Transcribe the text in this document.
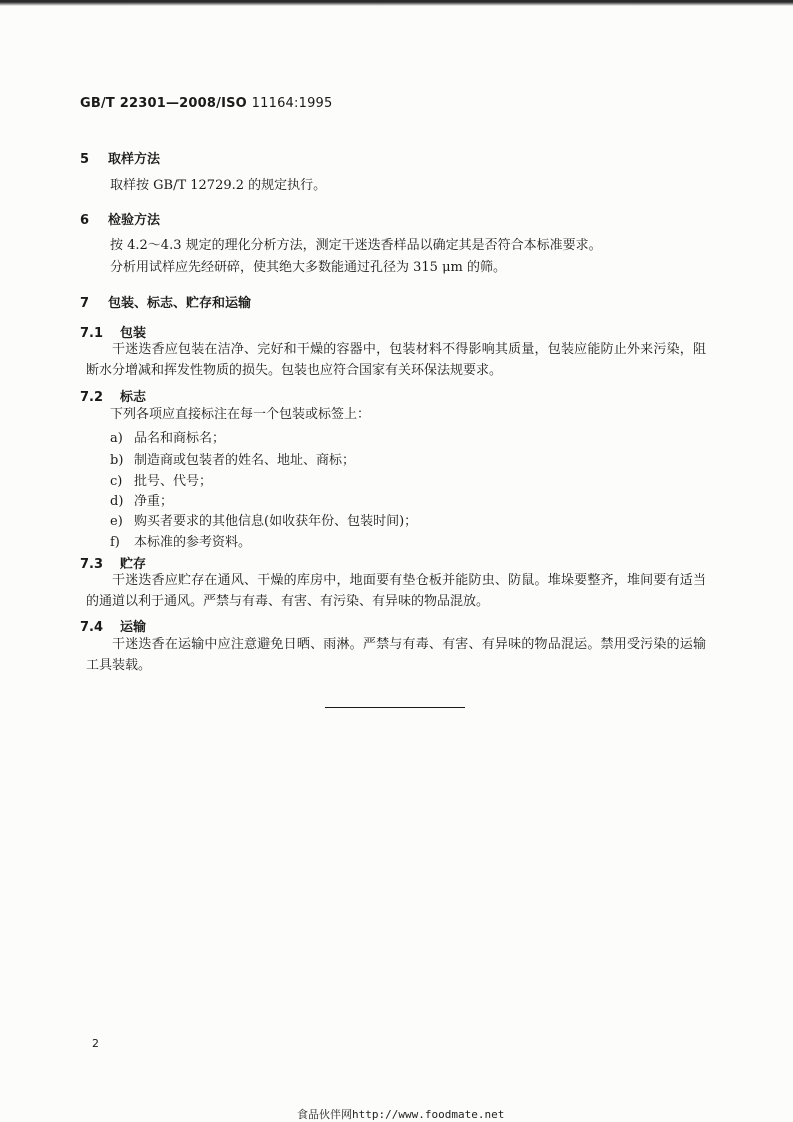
GB/T 22301—2008/ISO 11164:1995
5 取样方法
取样按 GB/T 12729.2 的规定执行。
6 检验方法
按 4.2～4.3 规定的理化分析方法，测定干迷迭香样品以确定其是否符合本标准要求。
分析用试样应先经研碎，使其绝大多数能通过孔径为 315 μm 的筛。
7 包装、标志、贮存和运输
7.1 包装
干迷迭香应包装在洁净、完好和干燥的容器中，包装材料不得影响其质量，包装应能防止外来污染，阻断水分增减和挥发性物质的损失。包装也应符合国家有关环保法规要求。
7.2 标志
下列各项应直接标注在每一个包装或标签上：
a) 品名和商标名；
b) 制造商或包装者的姓名、地址、商标；
c) 批号、代号；
d) 净重；
e) 购买者要求的其他信息(如收获年份、包装时间)；
f) 本标准的参考资料。
7.3 贮存
干迷迭香应贮存在通风、干燥的库房中，地面要有垫仓板并能防虫、防鼠。堆垛要整齐，堆间要有适当的通道以利于通风。严禁与有毒、有害、有污染、有异味的物品混放。
7.4 运输
干迷迭香在运输中应注意避免日晒、雨淋。严禁与有毒、有害、有异味的物品混运。禁用受污染的运输工具装载。
2
食品伙伴网http://www.foodmate.net
